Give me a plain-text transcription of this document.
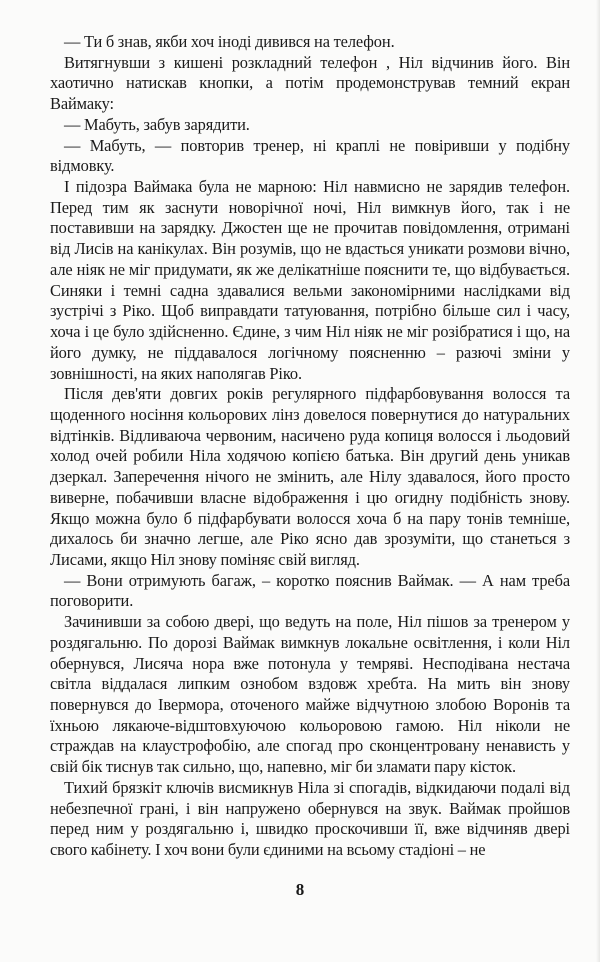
— Ти б знав, якби хоч іноді дивився на телефон.

Витягнувши з кишені розкладний телефон , Ніл відчинив його. Він хаотично натискав кнопки, а потім продемонстрував темний екран Ваймаку:

— Мабуть, забув зарядити.

— Мабуть, — повторив тренер, ні краплі не повіривши у подібну відмовку.

І підозра Ваймака була не марною: Ніл навмисно не зарядив телефон. Перед тим як заснути новорічної ночі, Ніл вимкнув його, так і не поставивши на зарядку. Джостен ще не прочитав повідомлення, отримані від Лисів на канікулах. Він розумів, що не вдасться уникати розмови вічно, але ніяк не міг придумати, як же делікатніше пояснити те, що відбувається. Синяки і темні садна здавалися вельми закономірними наслідками від зустрічі з Ріко. Щоб виправдати татуювання, потрібно більше сил і часу, хоча і це було здійсненно. Єдине, з чим Ніл ніяк не міг розібратися і що, на його думку, не піддавалося логічному поясненню – разючі зміни у зовнішності, на яких наполягав Ріко.

Після дев'яти довгих років регулярного підфарбовування волосся та щоденного носіння кольорових лінз довелося повернутися до натуральних відтінків. Відливаюча червоним, насичено руда копиця волосся і льодовий холод очей робили Ніла ходячою копією батька. Він другий день уникав дзеркал. Заперечення нічого не змінить, але Нілу здавалося, його просто виверне, побачивши власне відображення і цю огидну подібність знову. Якщо можна було б підфарбувати волосся хоча б на пару тонів темніше, дихалось би значно легше, але Ріко ясно дав зрозуміти, що станеться з Лисами, якщо Ніл знову поміняє свій вигляд.

— Вони отримують багаж, – коротко пояснив Ваймак. — А нам треба поговорити.

Зачинивши за собою двері, що ведуть на поле, Ніл пішов за тренером у роздягальню. По дорозі Ваймак вимкнув локальне освітлення, і коли Ніл обернувся, Лисяча нора вже потонула у темряві. Несподівана нестача світла віддалася липким ознобом вздовж хребта. На мить він знову повернувся до Івермора, оточеного майже відчутною злобою Воронів та їхньою лякаюче-відштовхуючою кольоровою гамою. Ніл ніколи не страждав на клаустрофобію, але спогад про сконцентровану ненависть у свій бік тиснув так сильно, що, напевно, міг би зламати пару кісток.

Тихий брязкіт ключів висмикнув Ніла зі спогадів, відкидаючи подалі від небезпечної грані, і він напружено обернувся на звук. Ваймак пройшов перед ним у роздягальню і, швидко проскочивши її, вже відчиняв двері свого кабінету. І хоч вони були єдиними на всьому стадіоні – не

8
